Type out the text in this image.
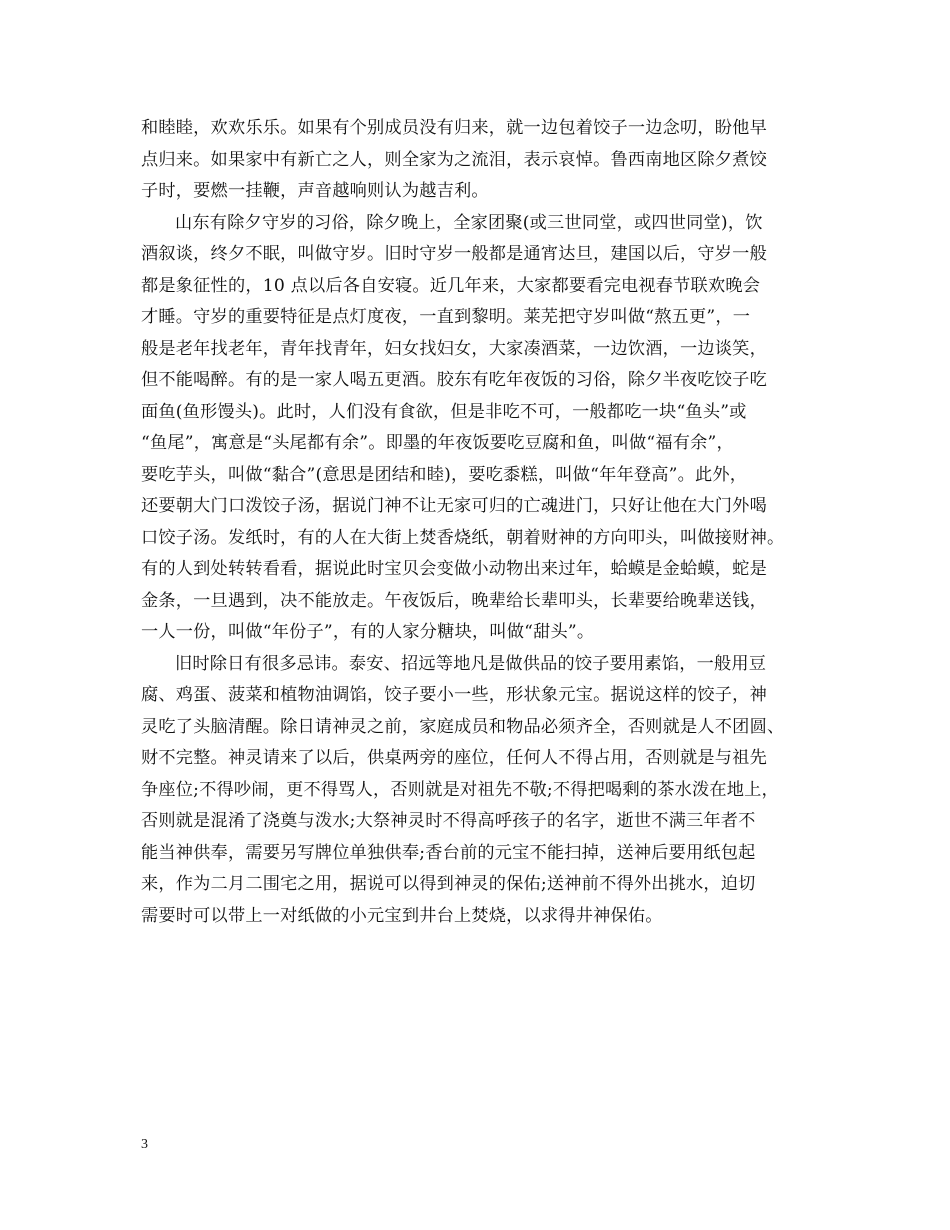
和睦睦，欢欢乐乐。如果有个别成员没有归来，就一边包着饺子一边念叨，盼他早
点归来。如果家中有新亡之人，则全家为之流泪，表示哀悼。鲁西南地区除夕煮饺
子时，要燃一挂鞭，声音越响则认为越吉利。
山东有除夕守岁的习俗，除夕晚上，全家团聚(或三世同堂，或四世同堂)，饮
酒叙谈，终夕不眠，叫做守岁。旧时守岁一般都是通宵达旦，建国以后，守岁一般
都是象征性的，10 点以后各自安寝。近几年来，大家都要看完电视春节联欢晚会
才睡。守岁的重要特征是点灯度夜，一直到黎明。莱芜把守岁叫做“熬五更”，一
般是老年找老年，青年找青年，妇女找妇女，大家凑酒菜，一边饮酒，一边谈笑，
但不能喝醉。有的是一家人喝五更酒。胶东有吃年夜饭的习俗，除夕半夜吃饺子吃
面鱼(鱼形馒头)。此时，人们没有食欲，但是非吃不可，一般都吃一块“鱼头”或
“鱼尾”，寓意是“头尾都有余”。即墨的年夜饭要吃豆腐和鱼，叫做“福有余”，
要吃芋头，叫做“黏合”(意思是团结和睦)，要吃黍糕，叫做“年年登高”。此外，
还要朝大门口泼饺子汤，据说门神不让无家可归的亡魂进门，只好让他在大门外喝
口饺子汤。发纸时，有的人在大街上焚香烧纸，朝着财神的方向叩头，叫做接财神。
有的人到处转转看看，据说此时宝贝会变做小动物出来过年，蛤蟆是金蛤蟆，蛇是
金条，一旦遇到，决不能放走。午夜饭后，晚辈给长辈叩头，长辈要给晚辈送钱，
一人一份，叫做“年份子”，有的人家分糖块，叫做“甜头”。
旧时除日有很多忌讳。泰安、招远等地凡是做供品的饺子要用素馅，一般用豆
腐、鸡蛋、菠菜和植物油调馅，饺子要小一些，形状象元宝。据说这样的饺子，神
灵吃了头脑清醒。除日请神灵之前，家庭成员和物品必须齐全，否则就是人不团圆、
财不完整。神灵请来了以后，供桌两旁的座位，任何人不得占用，否则就是与祖先
争座位;不得吵闹，更不得骂人，否则就是对祖先不敬;不得把喝剩的茶水泼在地上，
否则就是混淆了浇奠与泼水;大祭神灵时不得高呼孩子的名字，逝世不满三年者不
能当神供奉，需要另写牌位单独供奉;香台前的元宝不能扫掉，送神后要用纸包起
来，作为二月二围宅之用，据说可以得到神灵的保佑;送神前不得外出挑水，迫切
需要时可以带上一对纸做的小元宝到井台上焚烧，以求得井神保佑。
3
